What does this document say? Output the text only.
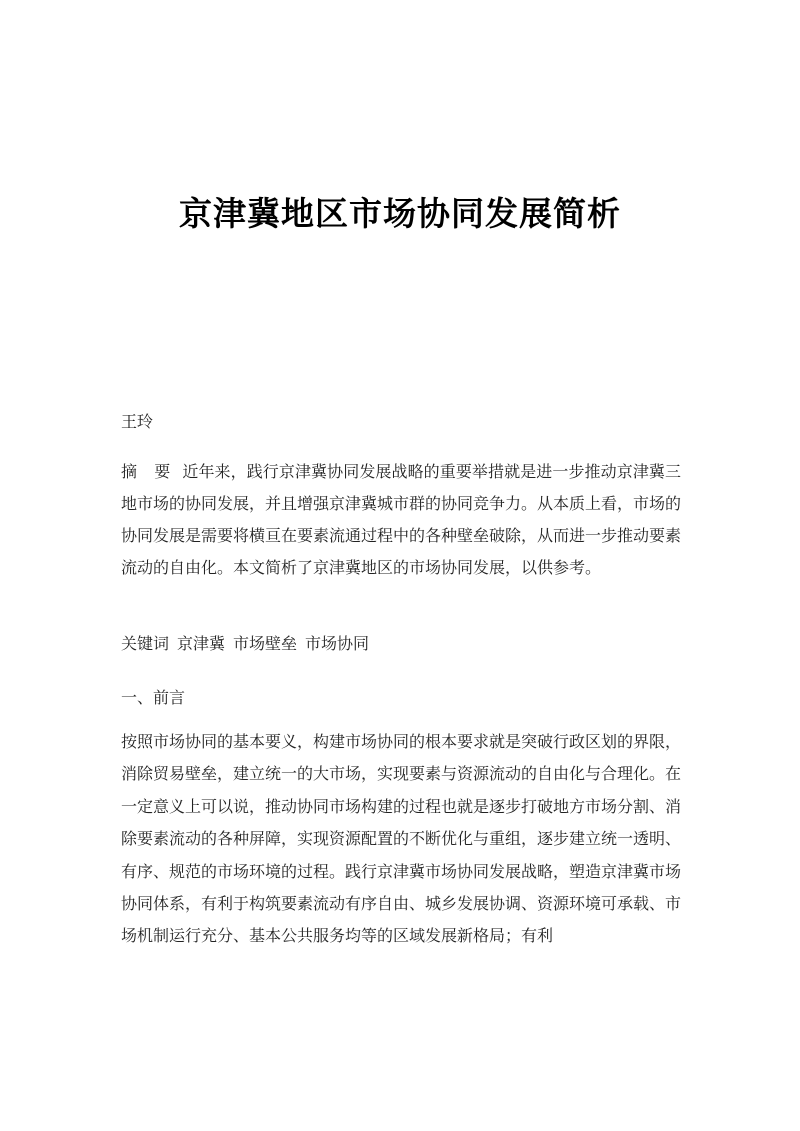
京津冀地区市场协同发展简析
王玲

摘 要 近年来，践行京津冀协同发展战略的重要举措就是进一步推动京津冀三地市场的协同发展，并且增强京津冀城市群的协同竞争力。从本质上看，市场的协同发展是需要将横亘在要素流通过程中的各种壁垒破除，从而进一步推动要素流动的自由化。本文简析了京津冀地区的市场协同发展，以供参考。

关键词 京津冀 市场壁垒 市场协同

一、前言

按照市场协同的基本要义，构建市场协同的根本要求就是突破行政区划的界限，消除贸易壁垒，建立统一的大市场，实现要素与资源流动的自由化与合理化。在一定意义上可以说，推动协同市场构建的过程也就是逐步打破地方市场分割、消除要素流动的各种屏障，实现资源配置的不断优化与重组，逐步建立统一透明、有序、规范的市场环境的过程。践行京津冀市场协同发展战略，塑造京津冀市场协同体系，有利于构筑要素流动有序自由、城乡发展协调、资源环境可承载、市场机制运行充分、基本公共服务均等的区域发展新格局；有利
